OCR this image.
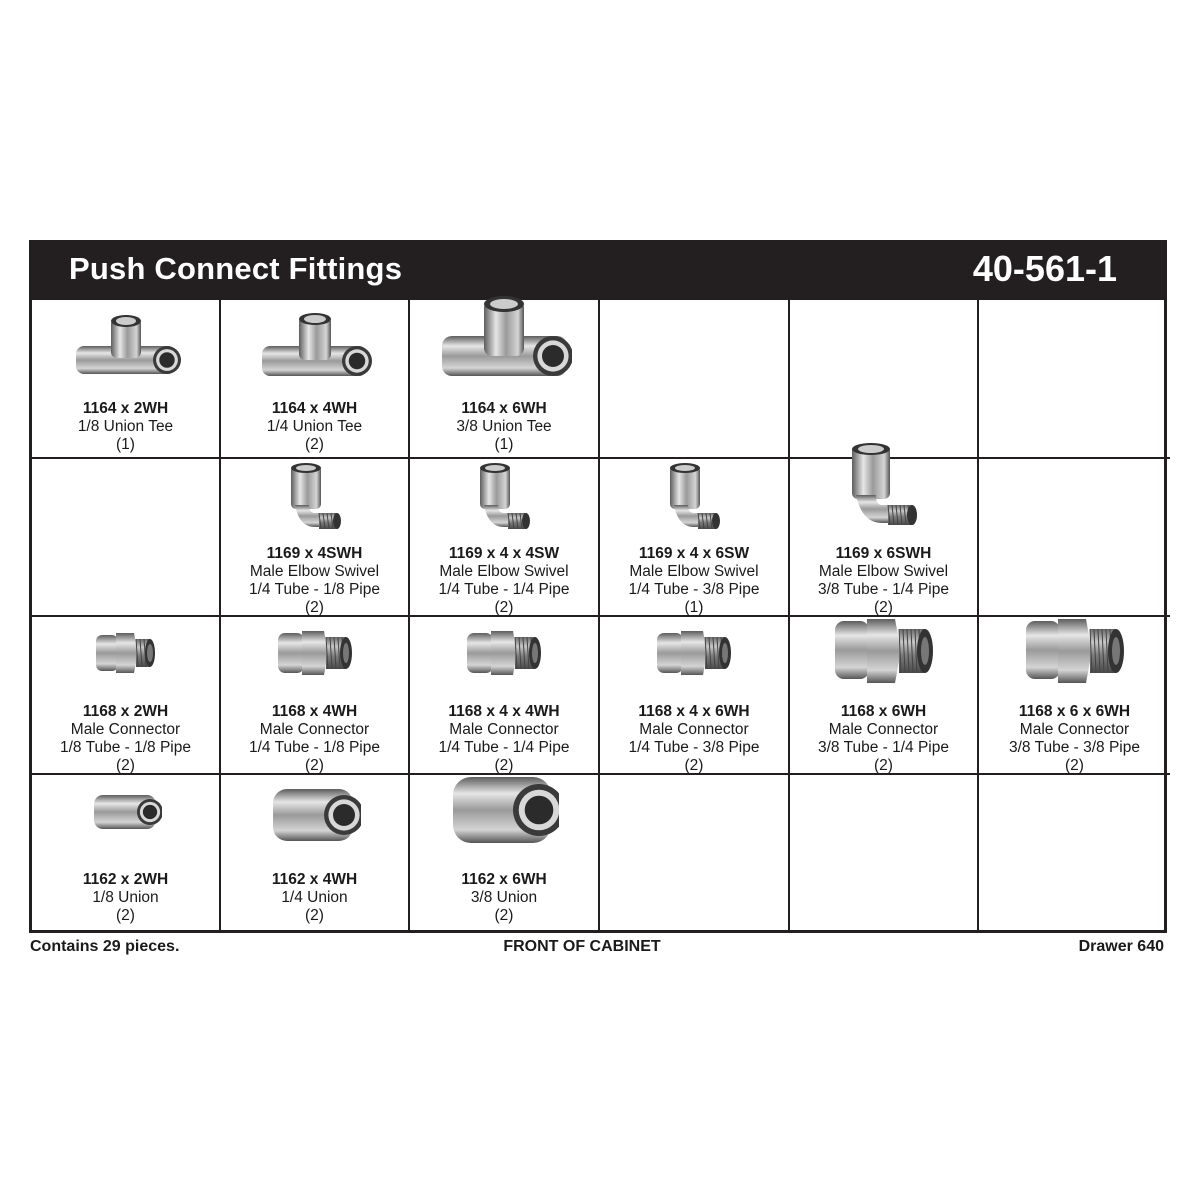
Push Connect Fittings	40-561-1
1164 x 2WH
1/8 Union Tee
(1)
1164 x 4WH
1/4 Union Tee
(2)
1164 x 6WH
3/8 Union Tee
(1)
1169 x 4SWH
Male Elbow Swivel
1/4 Tube - 1/8 Pipe
(2)
1169 x 4 x 4SW
Male Elbow Swivel
1/4 Tube - 1/4 Pipe
(2)
1169 x 4 x 6SW
Male Elbow Swivel
1/4 Tube - 3/8 Pipe
(1)
1169 x 6SWH
Male Elbow Swivel
3/8 Tube - 1/4 Pipe
(2)
1168 x 2WH
Male Connector
1/8 Tube - 1/8 Pipe
(2)
1168 x 4WH
Male Connector
1/4 Tube - 1/8 Pipe
(2)
1168 x 4 x 4WH
Male Connector
1/4 Tube - 1/4 Pipe
(2)
1168 x 4 x 6WH
Male Connector
1/4 Tube - 3/8 Pipe
(2)
1168 x 6WH
Male Connector
3/8 Tube - 1/4 Pipe
(2)
1168 x 6 x 6WH
Male Connector
3/8 Tube - 3/8 Pipe
(2)
1162 x 2WH
1/8 Union
(2)
1162 x 4WH
1/4 Union
(2)
1162 x 6WH
3/8 Union
(2)
Contains 29 pieces.	FRONT OF CABINET	Drawer 640
